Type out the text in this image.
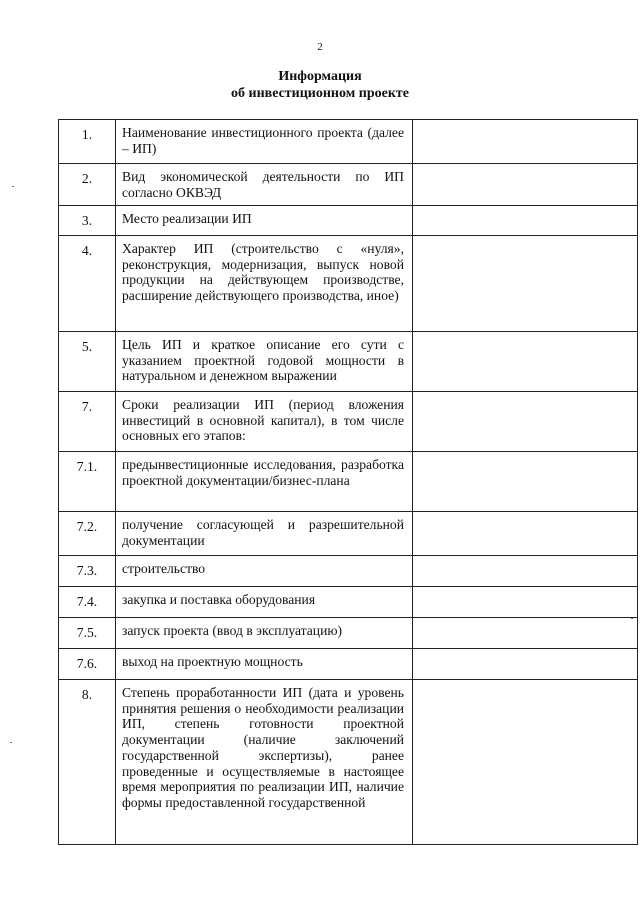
2
Информация
об инвестиционном проекте
1.	Наименование инвестиционного проекта (далее – ИП)	
2.	Вид экономической деятельности по ИП согласно ОКВЭД	
3.	Место реализации ИП	
4.	Характер ИП (строительство с «нуля», реконструкция, модернизация, выпуск новой продукции на действующем производстве, расширение действующего производства, иное)	
5.	Цель ИП и краткое описание его сути с указанием проектной годовой мощности в натуральном и денежном выражении	
7.	Сроки реализации ИП (период вложения инвестиций в основной капитал), в том числе основных его этапов:	
7.1.	предынвестиционные исследования, разработка проектной документации/бизнес-плана	
7.2.	получение согласующей и разрешительной документации	
7.3.	строительство	
7.4.	закупка и поставка оборудования	
7.5.	запуск проекта (ввод в эксплуатацию)	
7.6.	выход на проектную мощность	
8.	Степень проработанности ИП (дата и уровень принятия решения о необходимости реализации ИП, степень готовности проектной документации (наличие заключений государственной экспертизы), ранее проведенные и осуществляемые в настоящее время мероприятия по реализации ИП, наличие формы предоставленной государственной	
